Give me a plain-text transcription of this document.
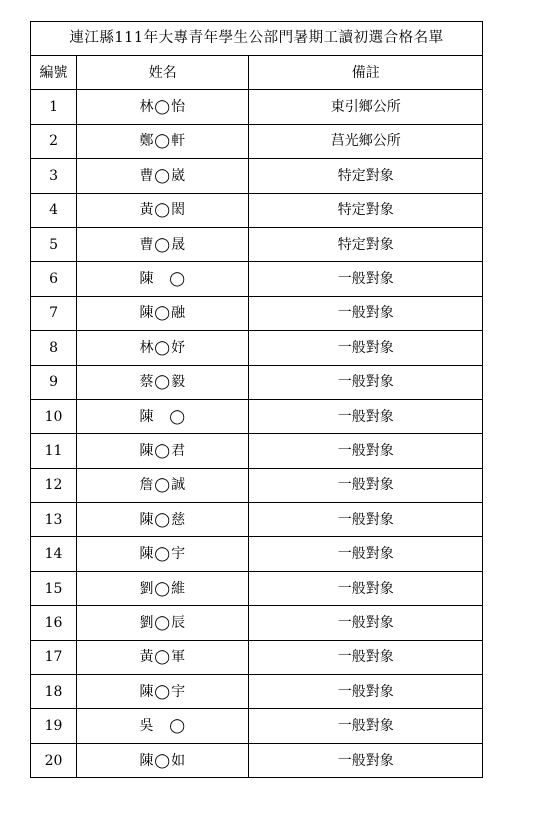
連江縣111年大專青年學生公部門暑期工讀初選合格名單		
編號	姓名	備註
1	林◯怡	東引鄉公所
2	鄭◯軒	莒光鄉公所
3	曹◯崴	特定對象
4	黃◯閎	特定對象
5	曹◯晟	特定對象
6	陳　◯	一般對象
7	陳◯融	一般對象
8	林◯妤	一般對象
9	蔡◯毅	一般對象
10	陳　◯	一般對象
11	陳◯君	一般對象
12	詹◯誠	一般對象
13	陳◯慈	一般對象
14	陳◯宇	一般對象
15	劉◯維	一般對象
16	劉◯辰	一般對象
17	黃◯軍	一般對象
18	陳◯宇	一般對象
19	吳　◯	一般對象
20	陳◯如	一般對象
